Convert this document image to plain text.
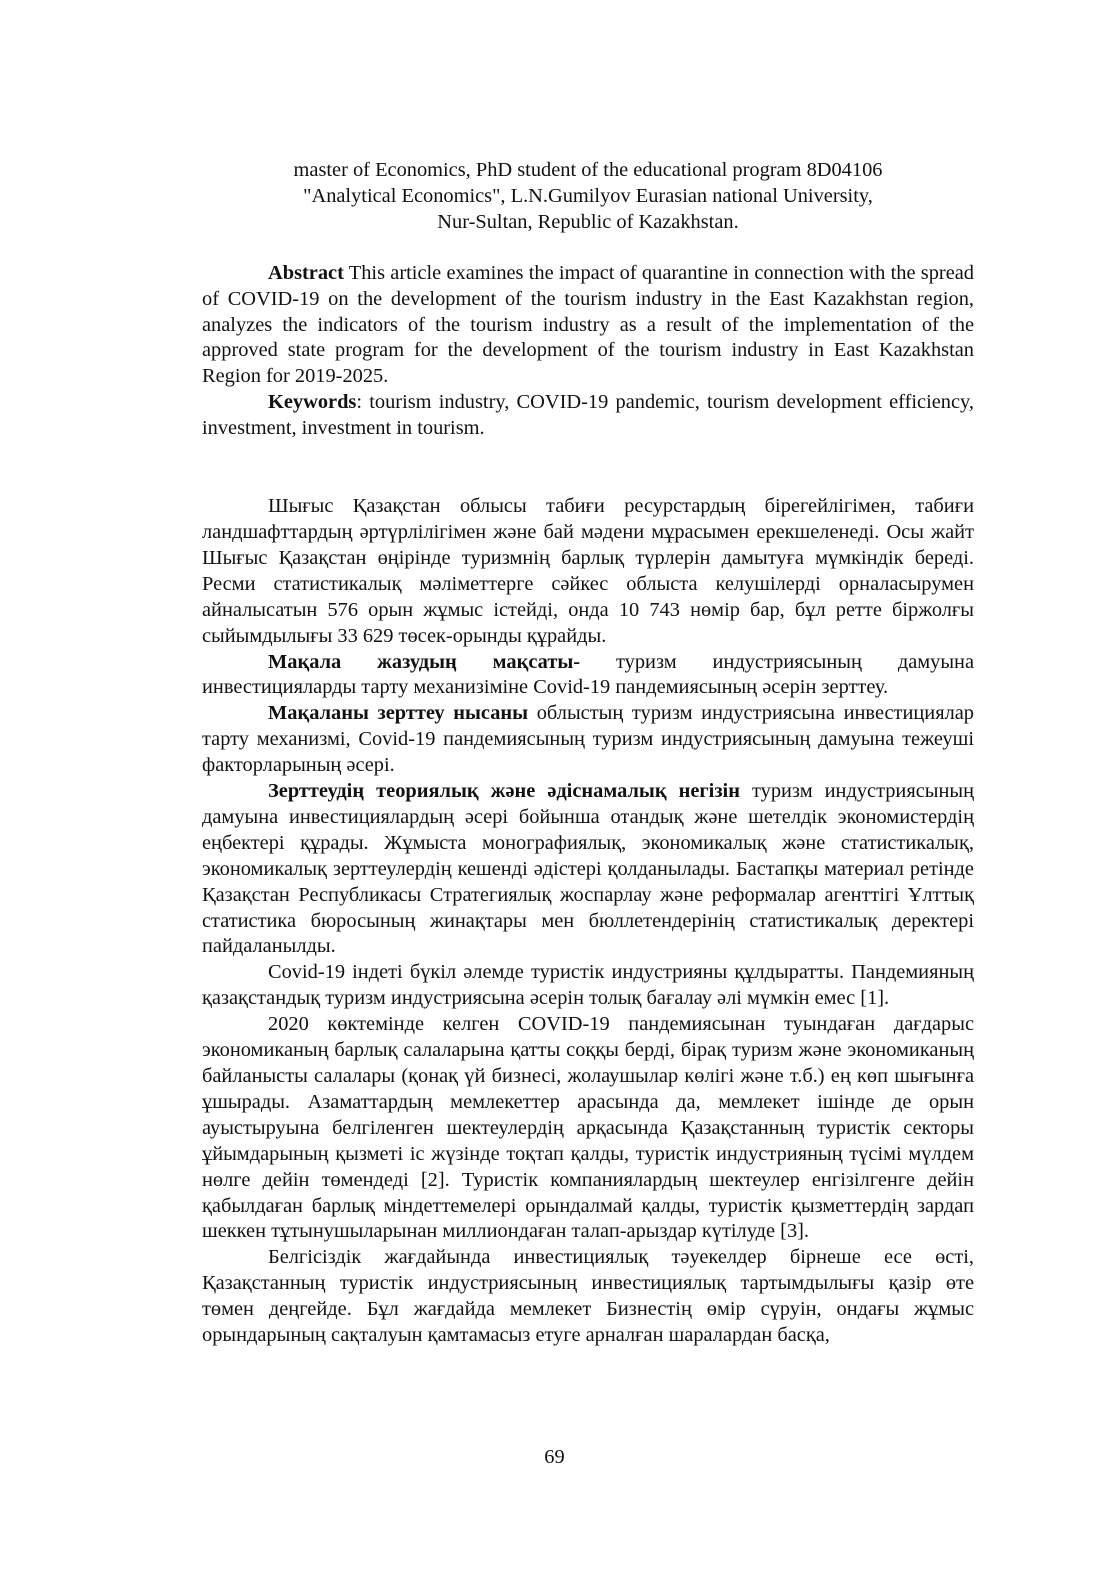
master of Economics, PhD student of the educational program 8D04106

"Analytical Economics", L.N.Gumilyov Eurasian national University,

Nur-Sultan, Republic of Kazakhstan.

Abstract This article examines the impact of quarantine in connection with the spread of COVID-19 on the development of the tourism industry in the East Kazakhstan region, analyzes the indicators of the tourism industry as a result of the implementation of the approved state program for the development of the tourism industry in East Kazakhstan Region for 2019-2025.

Keywords: tourism industry, COVID-19 pandemic, tourism development efficiency, investment, investment in tourism.

Шығыс Қазақстан облысы табиғи ресурстардың бірегейлігімен, табиғи ландшафттардың әртүрлілігімен және бай мәдени мұрасымен ерекшеленеді. Осы жайт Шығыс Қазақстан өңірінде туризмнің барлық түрлерін дамытуға мүмкіндік береді. Ресми статистикалық мәліметтерге сәйкес облыста келушілерді орналасырумен айналысатын 576 орын жұмыс істейді, онда 10 743 нөмір бар, бұл ретте біржолғы сыйымдылығы 33 629 төсек-орынды құрайды.

Мақала жазудың мақсаты- туризм индустриясының дамуына инвестицияларды тарту механизіміне Covid-19 пандемиясының әсерін зерттеу.

Мақаланы зерттеу нысаны облыстың туризм индустриясына инвестициялар тарту механизмі, Covid-19 пандемиясының туризм индустриясының дамуына тежеуші факторларының әсері.

Зерттеудің теориялық және әдіснамалық негізін туризм индустриясының дамуына инвестициялардың әсері бойынша отандық және шетелдік экономистердің еңбектері құрады. Жұмыста монографиялық, экономикалық және статистикалық, экономикалық зерттеулердің кешенді әдістері қолданылады. Бастапқы материал ретінде Қазақстан Республикасы Стратегиялық жоспарлау және реформалар агенттігі Ұлттық статистика бюросының жинақтары мен бюллетендерінің статистикалық деректері пайдаланылды.

Covid-19 індеті бүкіл әлемде туристік индустрияны құлдыратты. Пандемияның қазақстандық туризм индустриясына әсерін толық бағалау әлі мүмкін емес [1].

2020 көктемінде келген COVID-19 пандемиясынан туындаған дағдарыс экономиканың барлық салаларына қатты соққы берді, бірақ туризм және экономиканың байланысты салалары (қонақ үй бизнесі, жолаушылар көлігі және т.б.) ең көп шығынға ұшырады. Азаматтардың мемлекеттер арасында да, мемлекет ішінде де орын ауыстыруына белгіленген шектеулердің арқасында Қазақстанның туристік секторы ұйымдарының қызметі іс жүзінде тоқтап қалды, туристік индустрияның түсімі мүлдем нөлге дейін төмендеді [2]. Туристік компаниялардың шектеулер енгізілгенге дейін қабылдаған барлық міндеттемелері орындалмай қалды, туристік қызметтердің зардап шеккен тұтынушыларынан миллиондаған талап-арыздар күтілуде [3].

Белгісіздік жағдайында инвестициялық тәуекелдер бірнеше есе өсті, Қазақстанның туристік индустриясының инвестициялық тартымдылығы қазір өте төмен деңгейде. Бұл жағдайда мемлекет Бизнестің өмір сүруін, ондағы жұмыс орындарының сақталуын қамтамасыз етуге арналған шаралардан басқа,

69
